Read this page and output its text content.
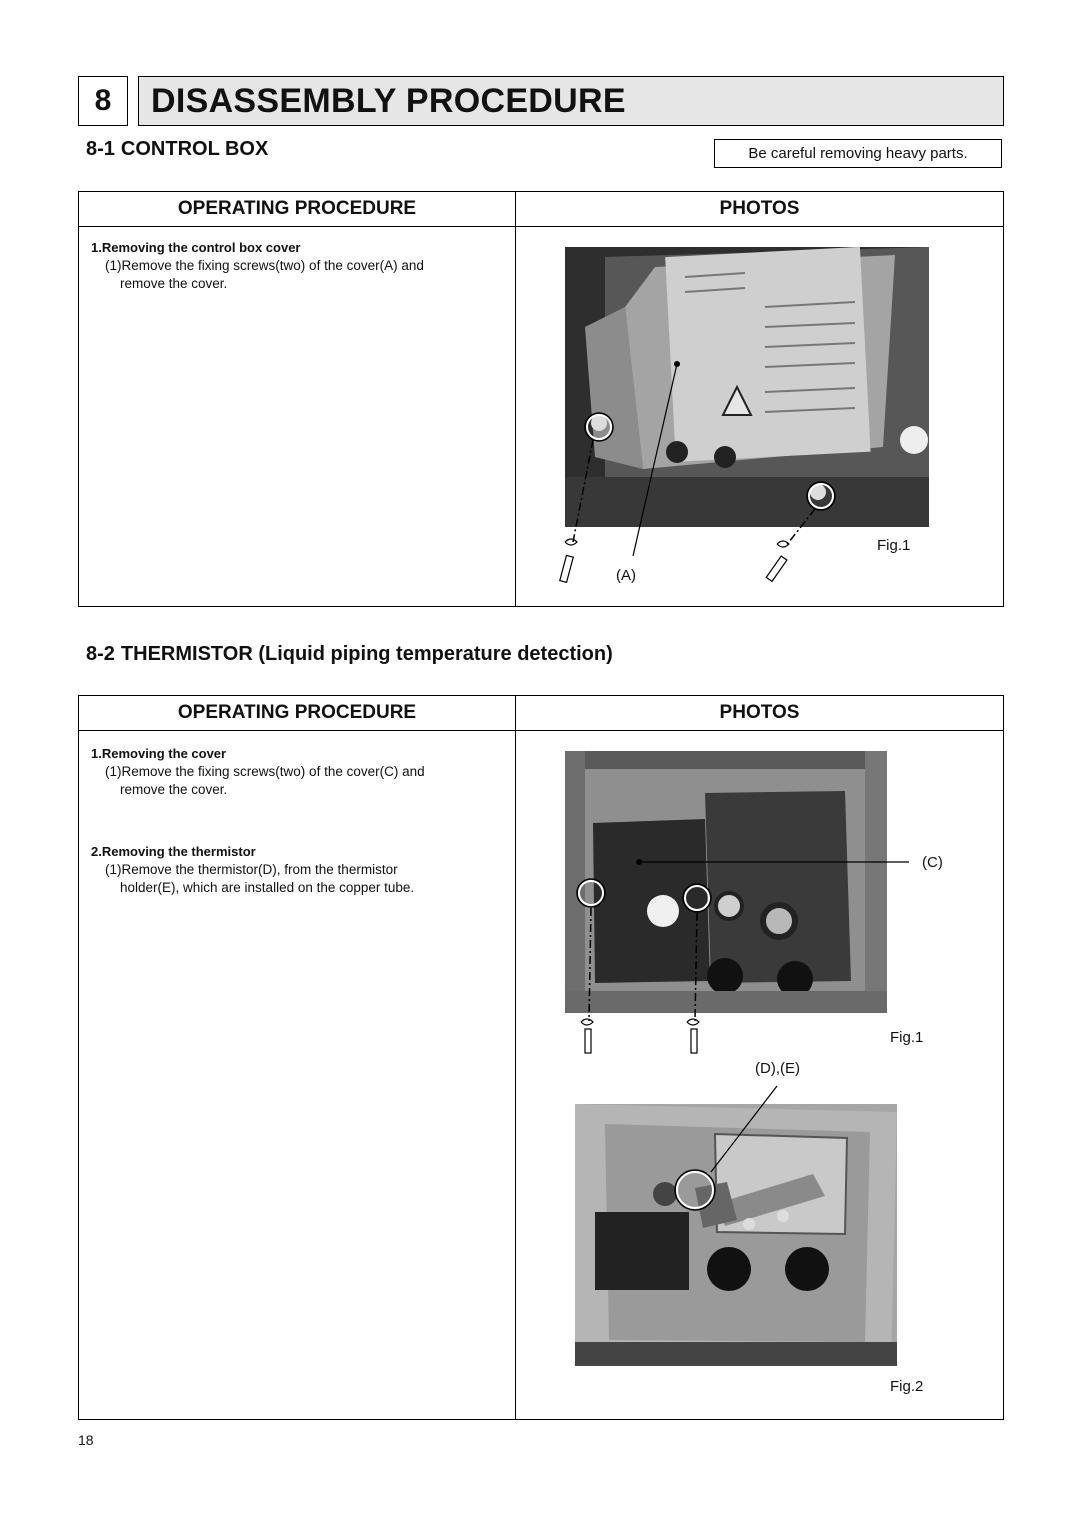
8	DISASSEMBLY PROCEDURE
8-1 CONTROL BOX	Be careful removing heavy parts.
OPERATING PROCEDURE	PHOTOS
1.Removing the control box cover
(1)Remove the fixing screws(two) of the cover(A) and
remove the cover.
Fig.1
(A)
8-2 THERMISTOR (Liquid piping temperature detection)
OPERATING PROCEDURE	PHOTOS
1.Removing the cover
(1)Remove the fixing screws(two) of the cover(C) and
remove the cover.
2.Removing the thermistor
(1)Remove the thermistor(D), from the thermistor
holder(E), which are installed on the copper tube.
(C)
Fig.1
(D),(E)
Fig.2
18
